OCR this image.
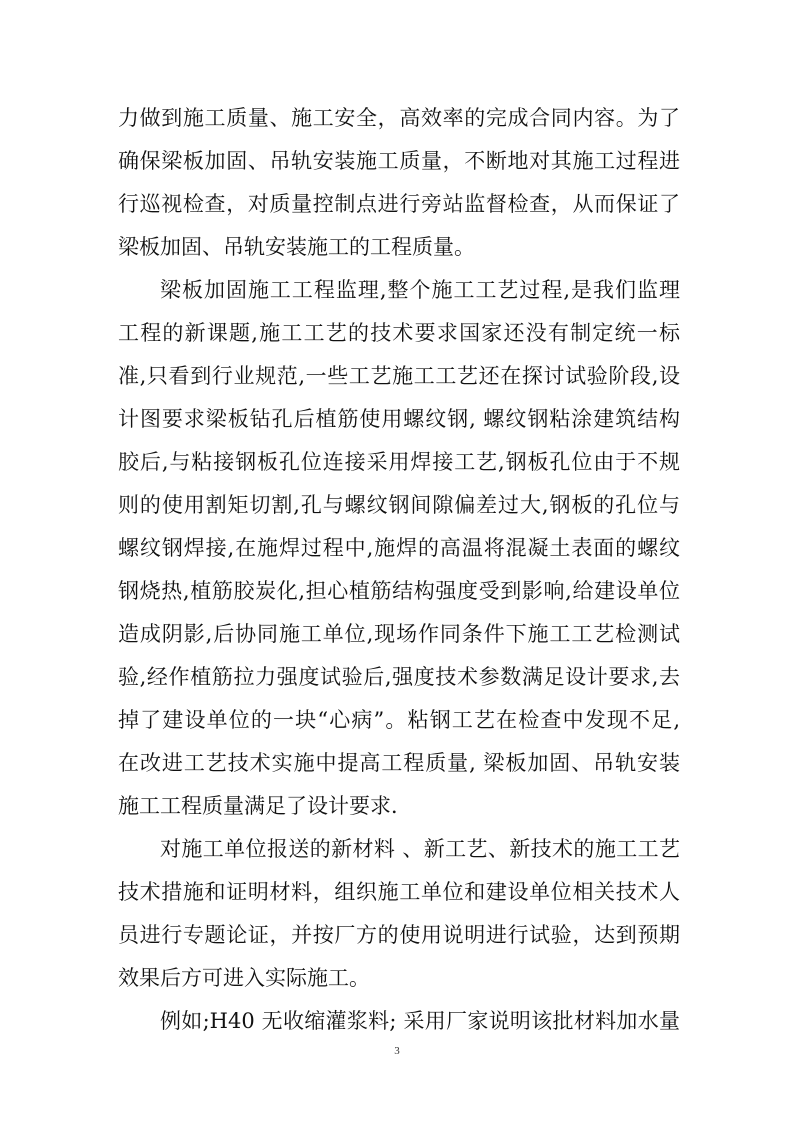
力做到施工质量、施工安全，高效率的完成合同内容。为了
确保梁板加固、吊轨安装施工质量，不断地对其施工过程进
行巡视检查，对质量控制点进行旁站监督检查，从而保证了
梁板加固、吊轨安装施工的工程质量。
梁板加固施工工程监理,整个施工工艺过程,是我们监理
工程的新课题,施工工艺的技术要求国家还没有制定统一标
准,只看到行业规范,一些工艺施工工艺还在探讨试验阶段,设
计图要求梁板钻孔后植筋使用螺纹钢, 螺纹钢粘涂建筑结构
胶后,与粘接钢板孔位连接采用焊接工艺,钢板孔位由于不规
则的使用割矩切割,孔与螺纹钢间隙偏差过大,钢板的孔位与
螺纹钢焊接,在施焊过程中,施焊的高温将混凝土表面的螺纹
钢烧热,植筋胶炭化,担心植筋结构强度受到影响,给建设单位
造成阴影,后协同施工单位,现场作同条件下施工工艺检测试
验,经作植筋拉力强度试验后,强度技术参数满足设计要求,去
掉了建设单位的一块“心病”。粘钢工艺在检查中发现不足,
在改进工艺技术实施中提高工程质量, 梁板加固、吊轨安装
施工工程质量满足了设计要求．
对施工单位报送的新材料 、新工艺、新技术的施工工艺
技术措施和证明材料，组织施工单位和建设单位相关技术人
员进行专题论证，并按厂方的使用说明进行试验，达到预期
效果后方可进入实际施工。
例如;H40 无收缩灌浆料; 采用厂家说明该批材料加水量
3
